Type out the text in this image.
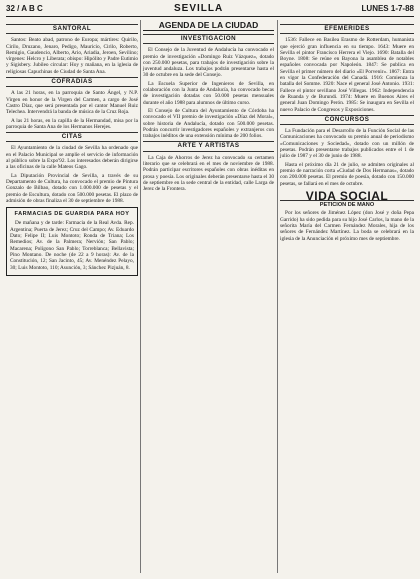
32 / A B C	SEVILLA	LUNES 1-7-88
SANTORAL

Santos: Beato abad, patrono de Europa; mártires: Quirilo, Cirilo, Druzano, Jenaro, Pedigo, Mauricio, Cirilo, Roberto, Remigio, Gaudencio, Alberto, Ario, Ariadia, Jeroen, Sevilino; vírgenes: Helcro y Liberata; obispo: Hipólito y Padre Eutimio y Sigisbery. Jubileo circular: Hoy y mañana, en la iglesia de religiosas Capuchinas de Ciudad de Santa Ana.

COFRADIAS

A las 21 horas, en la parroquia de Santo Ángel, y N.P. Virgen en honor de la Virgen del Carmen, a cargo de José Castro Díaz, que será presentada por el cantor Manuel Ruiz Telechea. Intervendrá la banda de música de la Cruz Roja.

A las 21 horas, en la capilla de la Hermandad, misa por la parroquia de Santa Ana de los Hermanos Herejes.

CITAS

El Ayuntamiento de la ciudad de Sevilla ha ordenado que en el Palacio Municipal se amplíe el servicio de información al público sobre la Expo'92. Los interesados deberán dirigirse a las oficinas de la calle Mateos Gago.

La Diputación Provincial de Sevilla, a través de su Departamento de Cultura, ha convocado el premio de Pintura Gonzalo de Bilbao, dotado con 1.000.000 de pesetas y el premio de Escultura, dotado con 500.000 pesetas. El plazo de admisión de obras finaliza el 30 de septiembre de 1988.

FARMACIAS DE GUARDIA PARA HOY

De mañana y de tarde: Farmacia de la Real Avda. Rep. Argentina; Puerta de Jerez; Cruz del Campo; Av. Eduardo Dato; Felipe II; Luis Montoto; Ronda de Triana; Los Remedios; Av. de la Palmera; Nervión; San Pablo; Macarena; Polígono San Pablo; Torreblanca; Bellavista; Pino Montano. De noche (de 22 a 9 horas): Av. de la Constitución, 12; San Jacinto, 45; Av. Menéndez Pelayo, 30; Luis Montoto, 110; Asunción, 3; Sánchez Pizjuán, 8.

AGENDA DE LA CIUDAD
INVESTIGACION

El Consejo de la Juventud de Andalucía ha convocado el premio de investigación «Domingo Ruiz Vázquez», dotado con 250.000 pesetas, para trabajos de investigación sobre la juventud andaluza. Los trabajos podrán presentarse hasta el 30 de octubre en la sede del Consejo.

La Escuela Superior de Ingenieros de Sevilla, en colaboración con la Junta de Andalucía, ha convocado becas de investigación dotadas con 50.000 pesetas mensuales durante el año 1988 para alumnos de último curso.

El Consejo de Cultura del Ayuntamiento de Córdoba ha convocado el VII premio de investigación «Díaz del Moral», sobre historia de Andalucía, dotado con 500.000 pesetas. Podrán concurrir investigadores españoles y extranjeros con trabajos inéditos de una extensión mínima de 200 folios.

ARTE Y ARTISTAS

La Caja de Ahorros de Jerez ha convocado su certamen literario que se celebrará en el mes de noviembre de 1988. Podrán participar escritores españoles con obras inéditas en prosa y poesía. Los originales deberán presentarse hasta el 30 de septiembre en la sede central de la entidad, calle Larga de Jerez de la Frontera.

EFEMERIDES

1536: Fallece en Basilea Erasmo de Rotterdam, humanista que ejerció gran influencia en su tiempo. 1643: Muere en Sevilla el pintor Francisco Herrera el Viejo. 1690: Batalla del Boyne. 1808: Se reúne en Bayona la asamblea de notables españoles convocada por Napoleón. 1847: Se publica en Sevilla el primer número del diario «El Porvenir». 1867: Entra en vigor la Confederación del Canadá. 1916: Comienza la batalla del Somme. 1920: Nace el general José Antonio. 1931: Fallece el pintor sevillano José Villegas. 1962: Independencia de Ruanda y de Burundi. 1974: Muere en Buenos Aires el general Juan Domingo Perón. 1985: Se inaugura en Sevilla el nuevo Palacio de Congresos y Exposiciones.

CONCURSOS

La Fundación para el Desarrollo de la Función Social de las Comunicaciones ha convocado su premio anual de periodismo «Comunicaciones y Sociedad», dotado con un millón de pesetas. Podrán presentarse trabajos publicados entre el 1 de julio de 1987 y el 30 de junio de 1988.

Hasta el próximo día 21 de julio, se admiten originales al premio de narración corta «Ciudad de Dos Hermanas», dotado con 200.000 pesetas. El premio de poesía, dotado con 150.000 pesetas, se fallará en el mes de octubre.

VIDA SOCIAL
PETICION DE MANO

Por los señores de Jiménez López (don José y doña Pepa Garrido) ha sido pedida para su hijo José Carlos, la mano de la señorita María del Carmen Fernández Morales, hija de los señores de Fernández Martínez. La boda se celebrará en la iglesia de la Anunciación el próximo mes de septiembre.
